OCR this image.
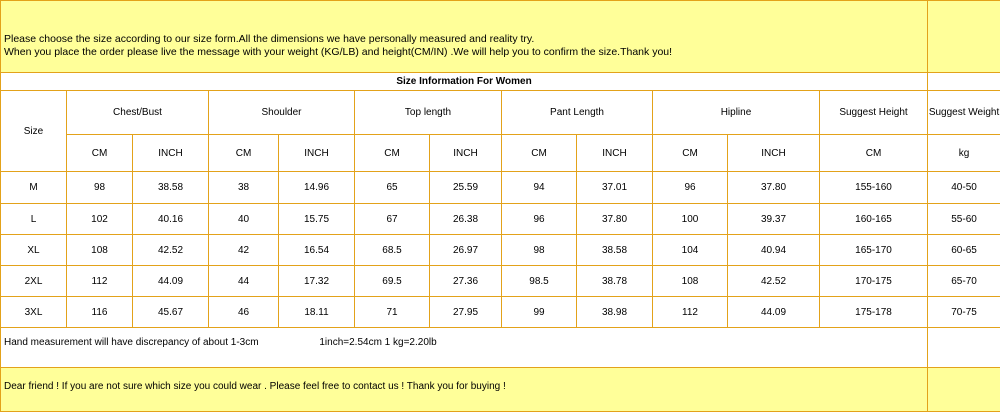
Please choose the size according to our size form.All the dimensions we have personally measured and reality try.
When you place the order please live the message with your weight (KG/LB) and height(CM/IN) .We will help you to confirm the size.Thank you!												

Size Information For Women												
Size	Chest/Bust		Shoulder		Top length		Pant Length		Hipline		Suggest Height	Suggest Weight
	CM	INCH	CM	INCH	CM	INCH	CM	INCH	CM	INCH	CM	kg
M	98	38.58	38	14.96	65	25.59	94	37.01	96	37.80	155-160	40-50
L	102	40.16	40	15.75	67	26.38	96	37.80	100	39.37	160-165	55-60
XL	108	42.52	42	16.54	68.5	26.97	98	38.58	104	40.94	165-170	60-65
2XL	112	44.09	44	17.32	69.5	27.36	98.5	38.78	108	42.52	170-175	65-70
3XL	116	45.67	46	18.11	71	27.95	99	38.98	112	44.09	175-178	70-75
Hand measurement will have discrepancy of about 1-3cm 1inch=2.54cm 1 kg=2.20lb												
Dear friend ! If you are not sure which size you could wear . Please feel free to contact us ! Thank you for buying !												
